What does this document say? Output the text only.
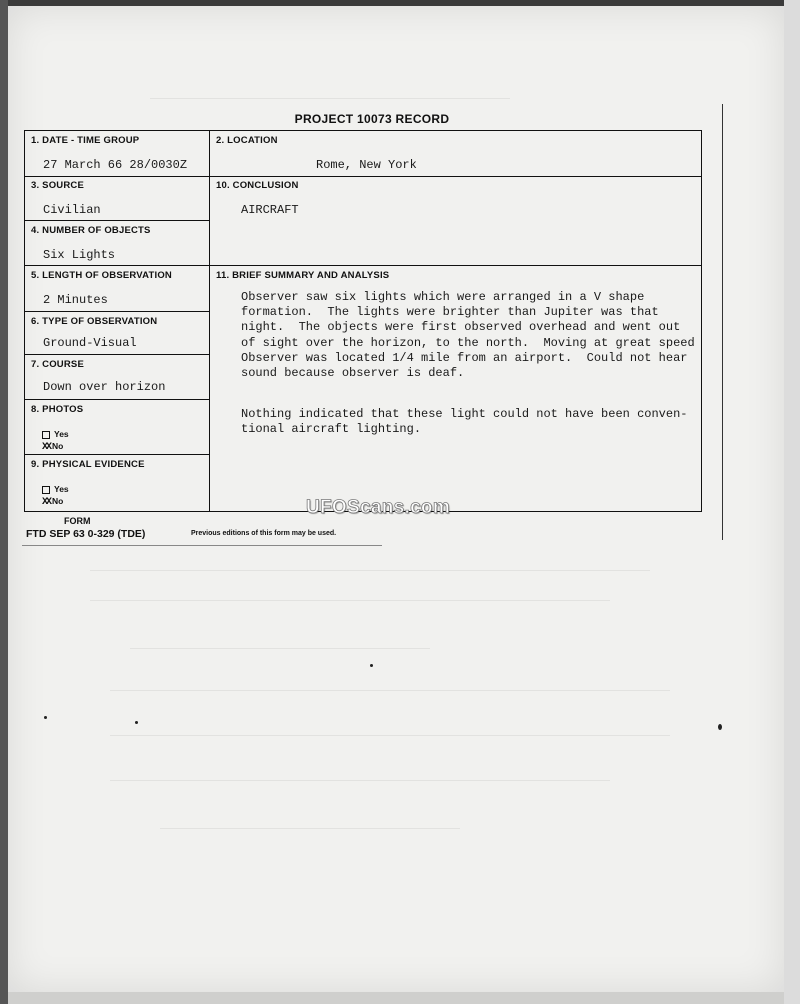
PROJECT 10073 RECORD
1. DATE - TIME GROUP
27 March 66 28/0030Z
3. SOURCE
Civilian
4. NUMBER OF OBJECTS
Six Lights
5. LENGTH OF OBSERVATION
2 Minutes
6. TYPE OF OBSERVATION
Ground-Visual
7. COURSE
Down over horizon
8. PHOTOS
Yes
XX No
9. PHYSICAL EVIDENCE
Yes
XX No
2. LOCATION
Rome, New York
10. CONCLUSION
AIRCRAFT
11. BRIEF SUMMARY AND ANALYSIS

Observer saw six lights which were arranged in a V shape

formation.  The lights were brighter than Jupiter was that

night.  The objects were first observed overhead and went out

of sight over the horizon, to the north.  Moving at great speed

Observer was located 1/4 mile from an airport.  Could not hear

sound because observer is deaf.

Nothing indicated that these light could not have been conven-

tional aircraft lighting.

FORM
FTD SEP 63 0-329 (TDE)	Previous editions of this form may be used.
UFOScans.com
